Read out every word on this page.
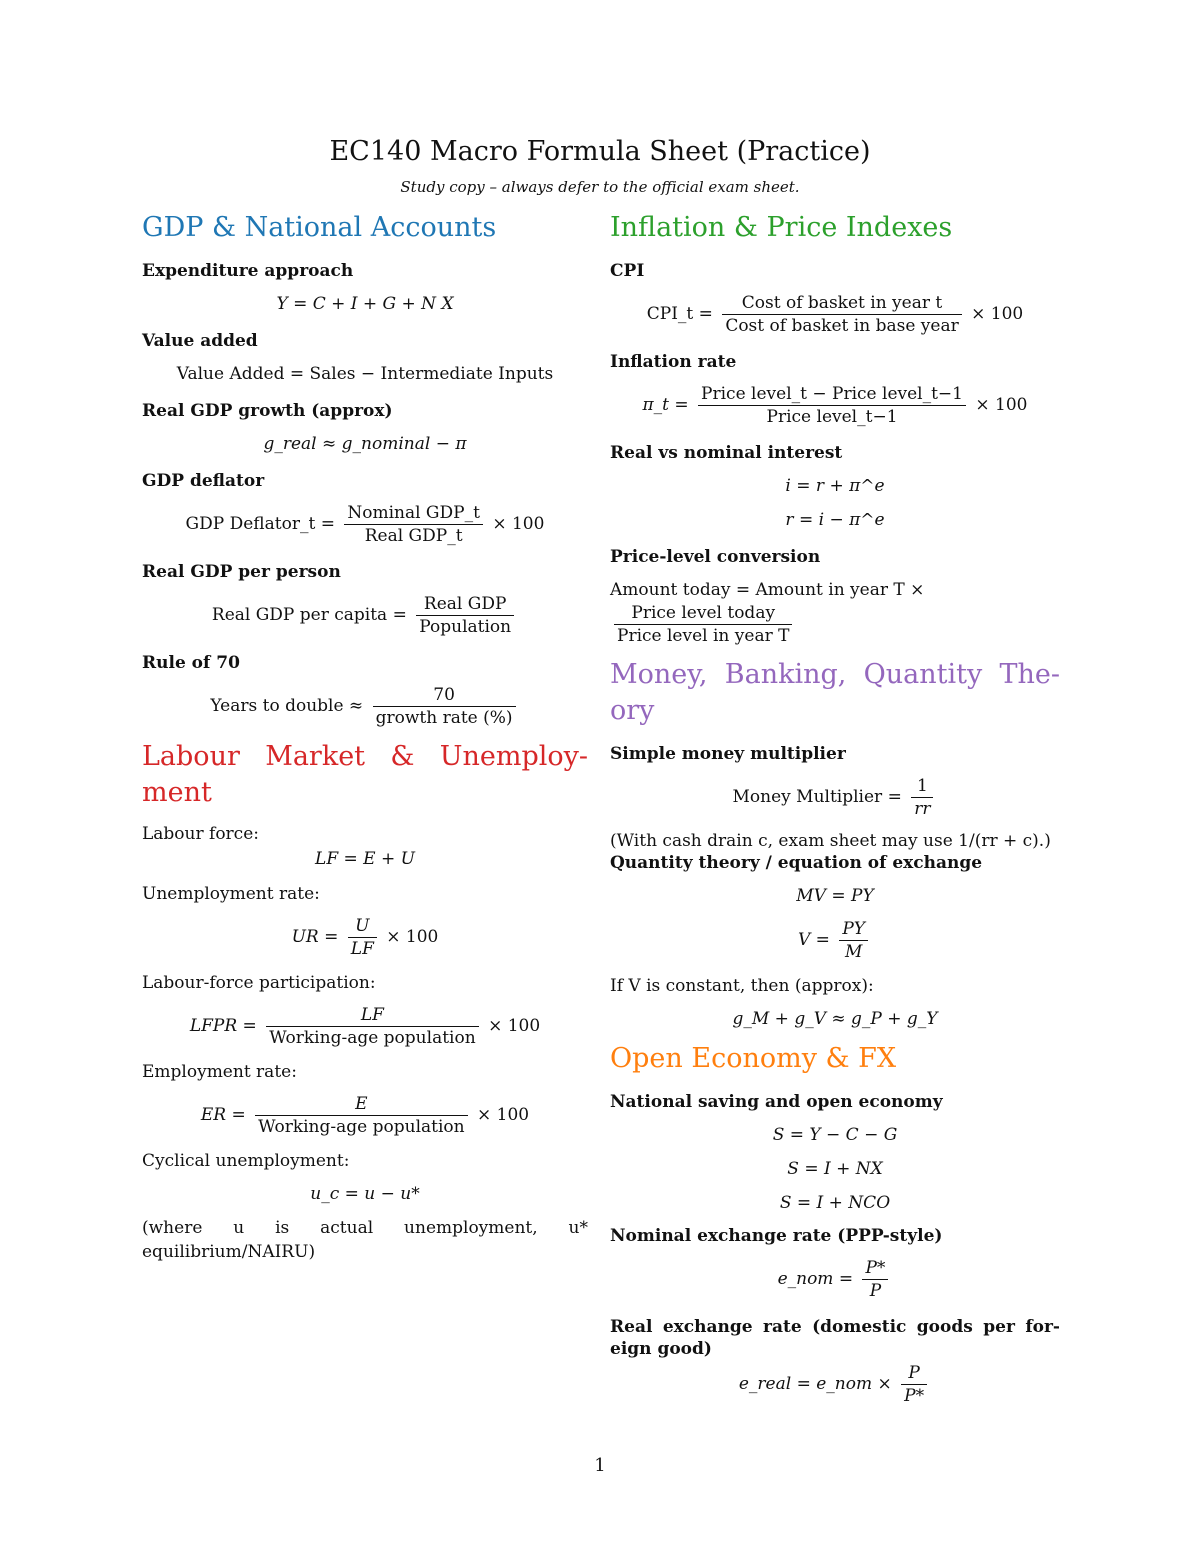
EC140 Macro Formula Sheet (Practice)
Study copy – always defer to the official exam sheet.
GDP & National Accounts
Expenditure approach
Y = C + I + G + N X
Value added
Value Added = Sales − Intermediate Inputs
Real GDP growth (approx)
g_real ≈ g_nominal − π
GDP deflator
GDP Deflator_t = $\frac{\text{Nominal GDP\_t}}{\text{Real GDP\_t}} \times 100$
Real GDP per person
Real GDP per capita = $\frac{\text{Real GDP}}{\text{Population}}$
Rule of 70
Years to double ≈ $\frac{70}{\text{growth rate (\%)}}$
Labour Market & Unemploy-
ment
Labour force:
LF = E + U
Unemployment rate:
UR = $\frac{U}{LF} \times 100$
Labour-force participation:
LFPR = $\frac{LF}{\text{Working-age population}} \times 100$
Employment rate:
ER = $\frac{E}{\text{Working-age population}} \times 100$
Cyclical unemployment:
u_c = u − u*
(where u is actual unemployment, u* equilibrium/NAIRU)
Inflation & Price Indexes
CPI
CPI_t = $\frac{\text{Cost of basket in year t}}{\text{Cost of basket in base year}} \times 100$
Inflation rate
π_t = $\frac{\text{Price level\_t − Price level\_t−1}}{\text{Price level\_t−1}} \times 100$
Real vs nominal interest
i = r + π^e
r = i − π^e
Price-level conversion
Amount today = Amount in year T ×
$\frac{\text{Price level today}}{\text{Price level in year T}}$
Money, Banking, Quantity The-
ory
Simple money multiplier
Money Multiplier = $\frac{1}{rr}$
(With cash drain c, exam sheet may use 1/(rr + c).)
Quantity theory / equation of exchange
MV = PY
$V = \frac{PY}{M}$
If V is constant, then (approx):
g_M + g_V ≈ g_P + g_Y
Open Economy & FX
National saving and open economy
S = Y − C − G
S = I + NX
S = I + NCO
Nominal exchange rate (PPP-style)
e_nom = $\frac{P*}{P}$
Real exchange rate (domestic goods per for-
eign good)
e_real = e_nom × $\frac{P}{P*}$
1
